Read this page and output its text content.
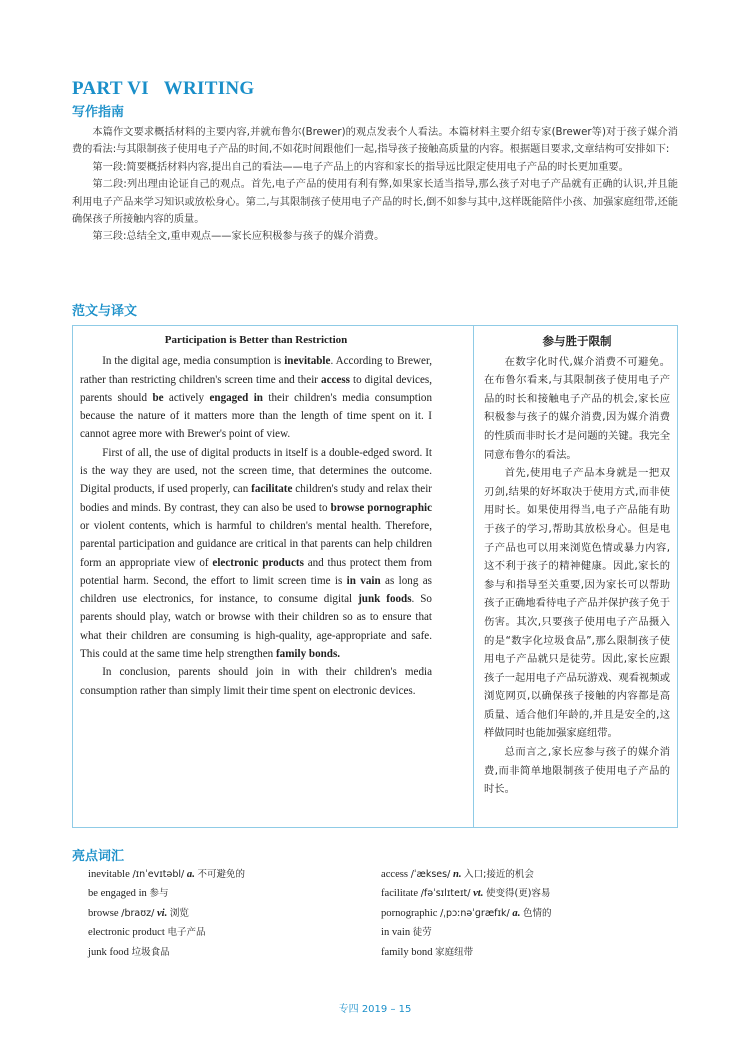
PART VI   WRITING
写作指南

本篇作文要求概括材料的主要内容,并就布鲁尔(Brewer)的观点发表个人看法。本篇材料主要介绍专家(Brewer等)对于孩子媒介消费的看法:与其限制孩子使用电子产品的时间,不如花时间跟他们一起,指导孩子接触高质量的内容。根据题目要求,文章结构可安排如下:

第一段:简要概括材料内容,提出自己的看法——电子产品上的内容和家长的指导远比限定使用电子产品的时长更加重要。

第二段:列出理由论证自己的观点。首先,电子产品的使用有利有弊,如果家长适当指导,那么孩子对电子产品就有正确的认识,并且能利用电子产品来学习知识或放松身心。第二,与其限制孩子使用电子产品的时长,倒不如参与其中,这样既能陪伴小孩、加强家庭纽带,还能确保孩子所接触内容的质量。

第三段:总结全文,重申观点——家长应积极参与孩子的媒介消费。

范文与译文
Participation is Better than Restriction

In the digital age, media consumption is inevitable. According to Brewer, rather than restricting children's screen time and their access to digital devices, parents should be actively engaged in their children's media consumption because the nature of it matters more than the length of time spent on it. I cannot agree more with Brewer's point of view.

First of all, the use of digital products in itself is a double-edged sword. It is the way they are used, not the screen time, that determines the outcome. Digital products, if used properly, can facilitate children's study and relax their bodies and minds. By contrast, they can also be used to browse pornographic or violent contents, which is harmful to children's mental health. Therefore, parental participation and guidance are critical in that parents can help children form an appropriate view of electronic products and thus protect them from potential harm. Second, the effort to limit screen time is in vain as long as children use electronics, for instance, to consume digital junk foods. So parents should play, watch or browse with their children so as to ensure that what their children are consuming is high-quality, age-appropriate and safe. This could at the same time help strengthen family bonds.

In conclusion, parents should join in with their children's media consumption rather than simply limit their time spent on electronic devices.

参与胜于限制

在数字化时代,媒介消费不可避免。在布鲁尔看来,与其限制孩子使用电子产品的时长和接触电子产品的机会,家长应积极参与孩子的媒介消费,因为媒介消费的性质而非时长才是问题的关键。我完全同意布鲁尔的看法。

首先,使用电子产品本身就是一把双刃剑,结果的好坏取决于使用方式,而非使用时长。如果使用得当,电子产品能有助于孩子的学习,帮助其放松身心。但是电子产品也可以用来浏览色情或暴力内容,这不利于孩子的精神健康。因此,家长的参与和指导至关重要,因为家长可以帮助孩子正确地看待电子产品并保护孩子免于伤害。其次,只要孩子使用电子产品摄入的是“数字化垃圾食品”,那么限制孩子使用电子产品就只是徒劳。因此,家长应跟孩子一起用电子产品玩游戏、观看视频或浏览网页,以确保孩子接触的内容都是高质量、适合他们年龄的,并且是安全的,这样做同时也能加强家庭纽带。

总而言之,家长应参与孩子的媒介消费,而非简单地限制孩子使用电子产品的时长。

亮点词汇
inevitable /ɪnˈevɪtəbl/ a. 不可避免的
be engaged in 参与
browse /braʊz/ vi. 浏览
electronic product 电子产品
junk food 垃圾食品
access /ˈækses/ n. 入口;接近的机会
facilitate /fəˈsɪlɪteɪt/ vt. 使变得(更)容易
pornographic /ˌpɔːnəˈɡræfɪk/ a. 色情的
in vain 徒劳
family bond 家庭纽带
专四 2019 – 15
